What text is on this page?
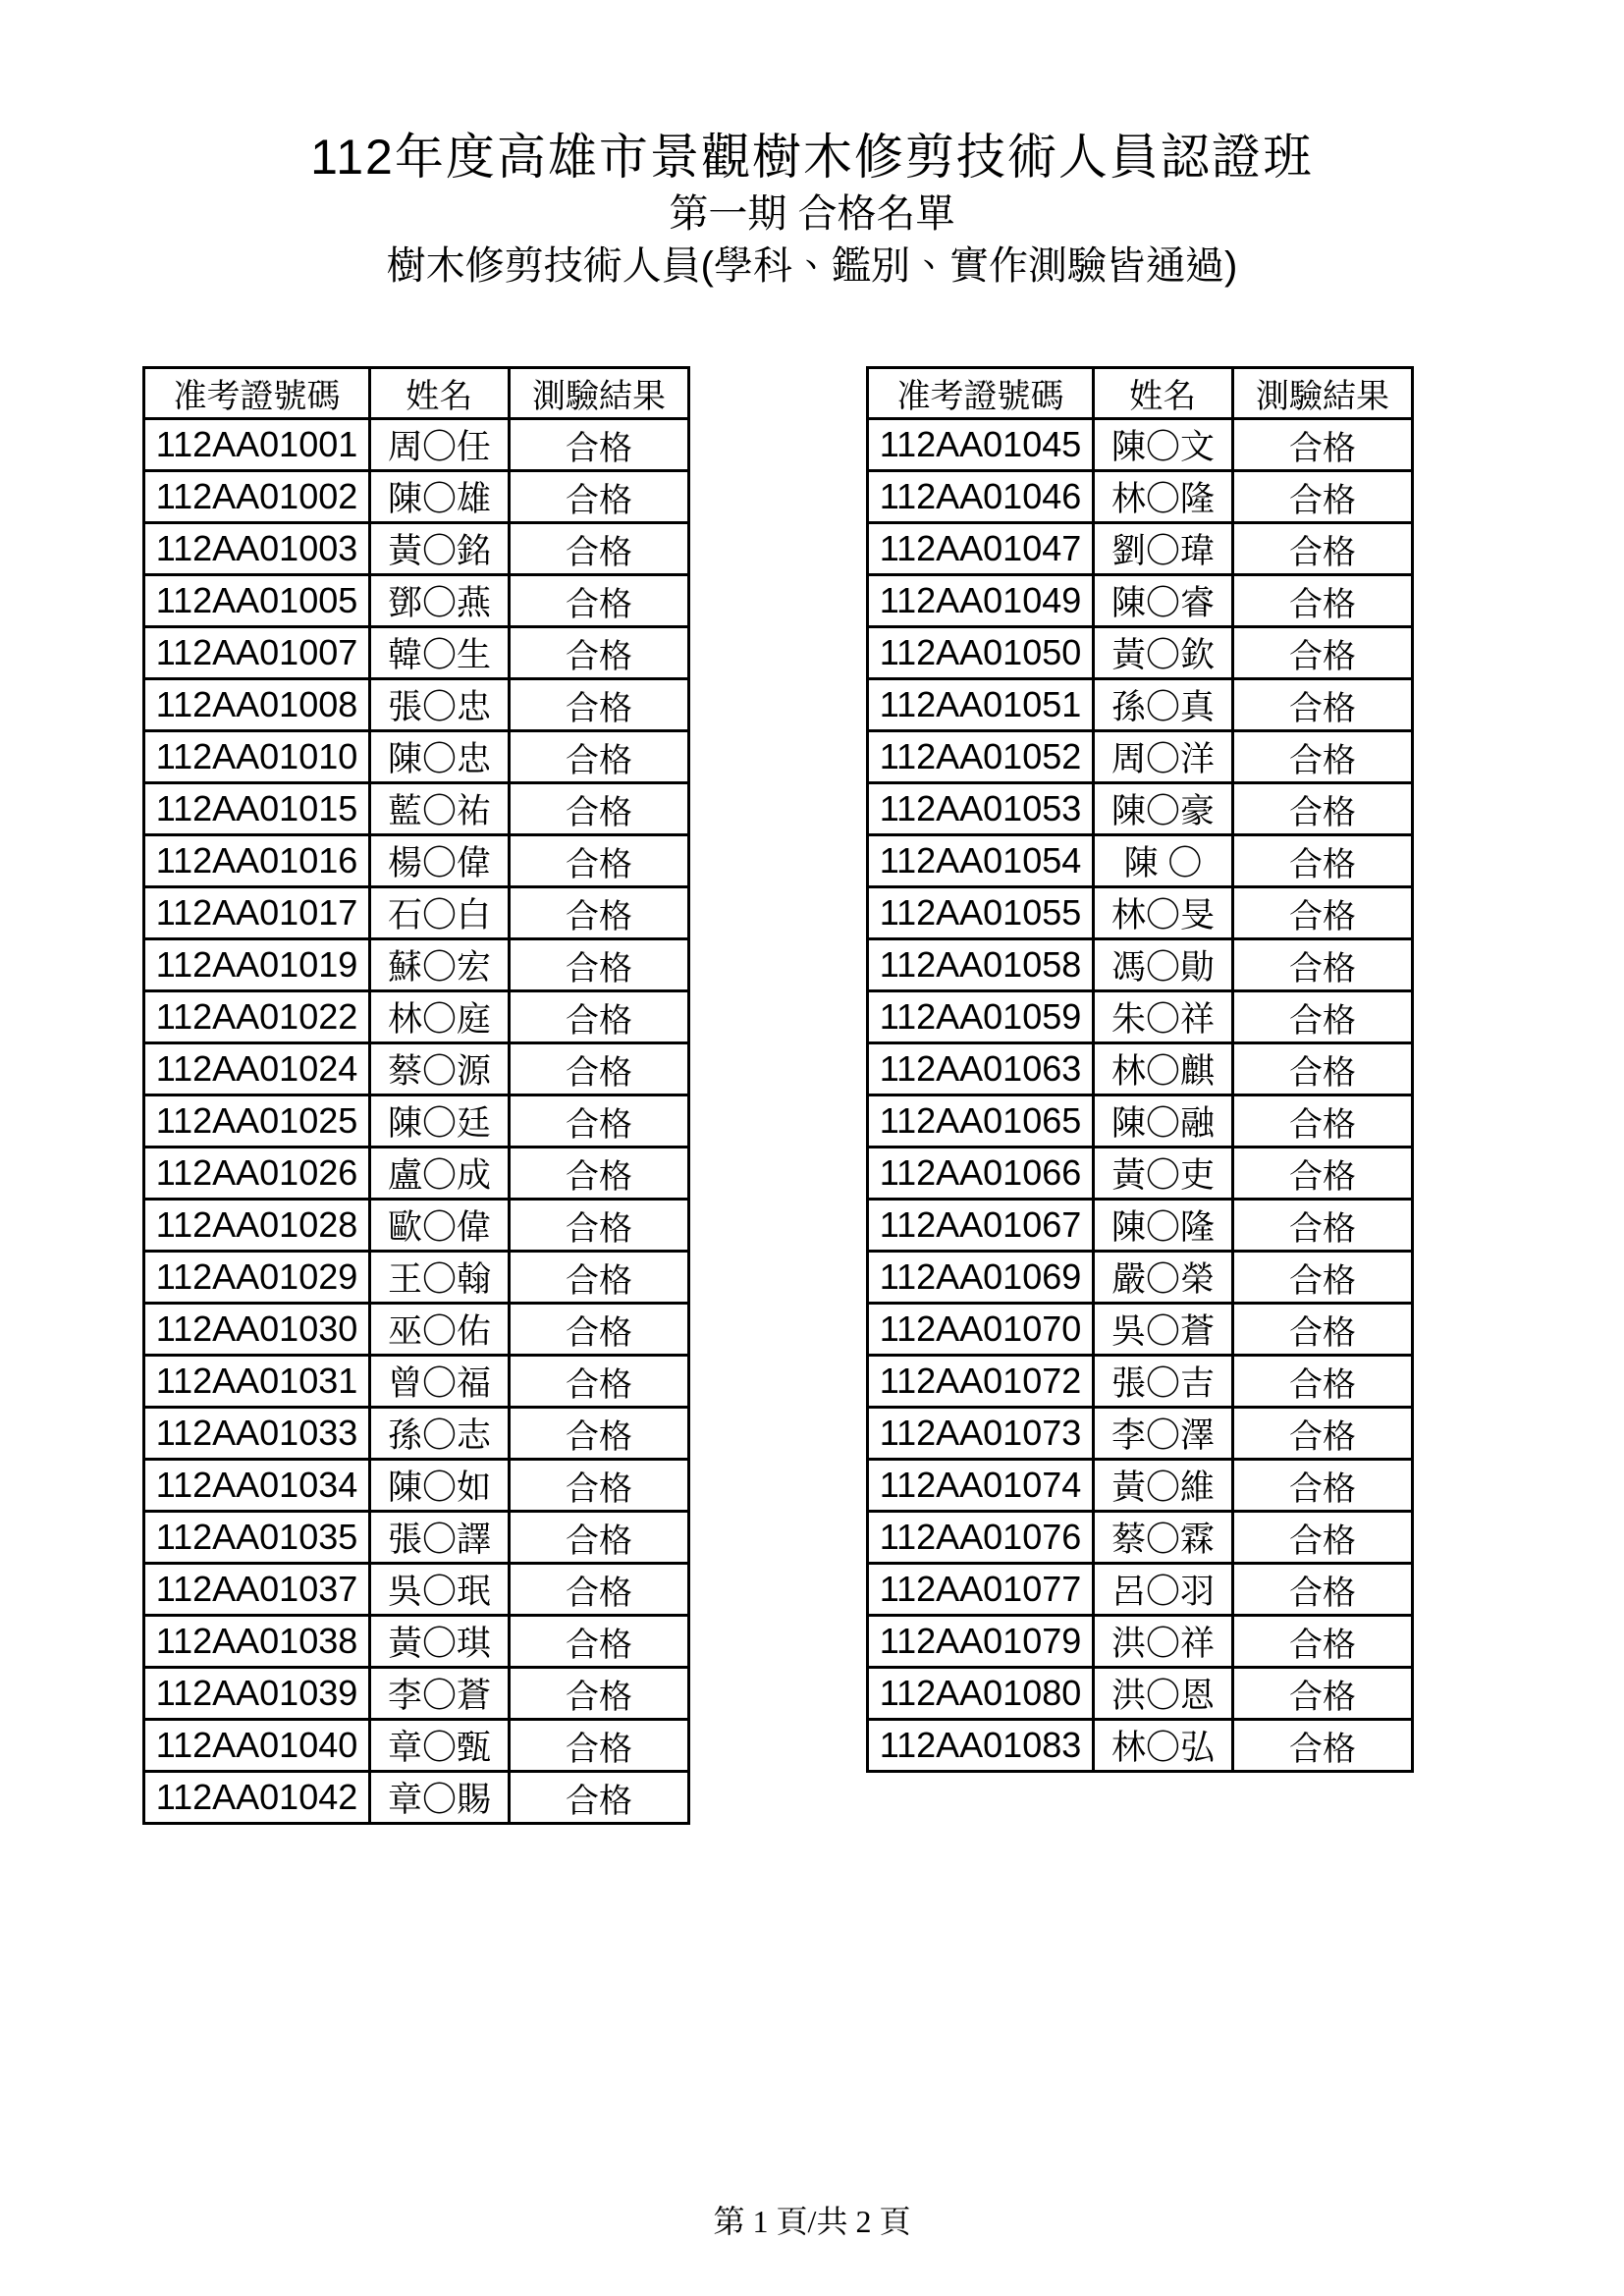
112年度高雄市景觀樹木修剪技術人員認證班
第一期 合格名單
樹木修剪技術人員(學科、鑑別、實作測驗皆通過)
准考證號碼	姓名	測驗結果
112AA01001	周〇任	合格
112AA01002	陳〇雄	合格
112AA01003	黃〇銘	合格
112AA01005	鄧〇燕	合格
112AA01007	韓〇生	合格
112AA01008	張〇忠	合格
112AA01010	陳〇忠	合格
112AA01015	藍〇祐	合格
112AA01016	楊〇偉	合格
112AA01017	石〇白	合格
112AA01019	蘇〇宏	合格
112AA01022	林〇庭	合格
112AA01024	蔡〇源	合格
112AA01025	陳〇廷	合格
112AA01026	盧〇成	合格
112AA01028	歐〇偉	合格
112AA01029	王〇翰	合格
112AA01030	巫〇佑	合格
112AA01031	曾〇福	合格
112AA01033	孫〇志	合格
112AA01034	陳〇如	合格
112AA01035	張〇譯	合格
112AA01037	吳〇珉	合格
112AA01038	黃〇琪	合格
112AA01039	李〇蒼	合格
112AA01040	章〇甄	合格
112AA01042	章〇賜	合格
准考證號碼	姓名	測驗結果
112AA01045	陳〇文	合格
112AA01046	林〇隆	合格
112AA01047	劉〇瑋	合格
112AA01049	陳〇睿	合格
112AA01050	黃〇欽	合格
112AA01051	孫〇真	合格
112AA01052	周〇洋	合格
112AA01053	陳〇豪	合格
112AA01054	陳 〇	合格
112AA01055	林〇旻	合格
112AA01058	馮〇勛	合格
112AA01059	朱〇祥	合格
112AA01063	林〇麒	合格
112AA01065	陳〇融	合格
112AA01066	黃〇吏	合格
112AA01067	陳〇隆	合格
112AA01069	嚴〇榮	合格
112AA01070	吳〇蒼	合格
112AA01072	張〇吉	合格
112AA01073	李〇澤	合格
112AA01074	黃〇維	合格
112AA01076	蔡〇霖	合格
112AA01077	呂〇羽	合格
112AA01079	洪〇祥	合格
112AA01080	洪〇恩	合格
112AA01083	林〇弘	合格
第 1 頁/共 2 頁
